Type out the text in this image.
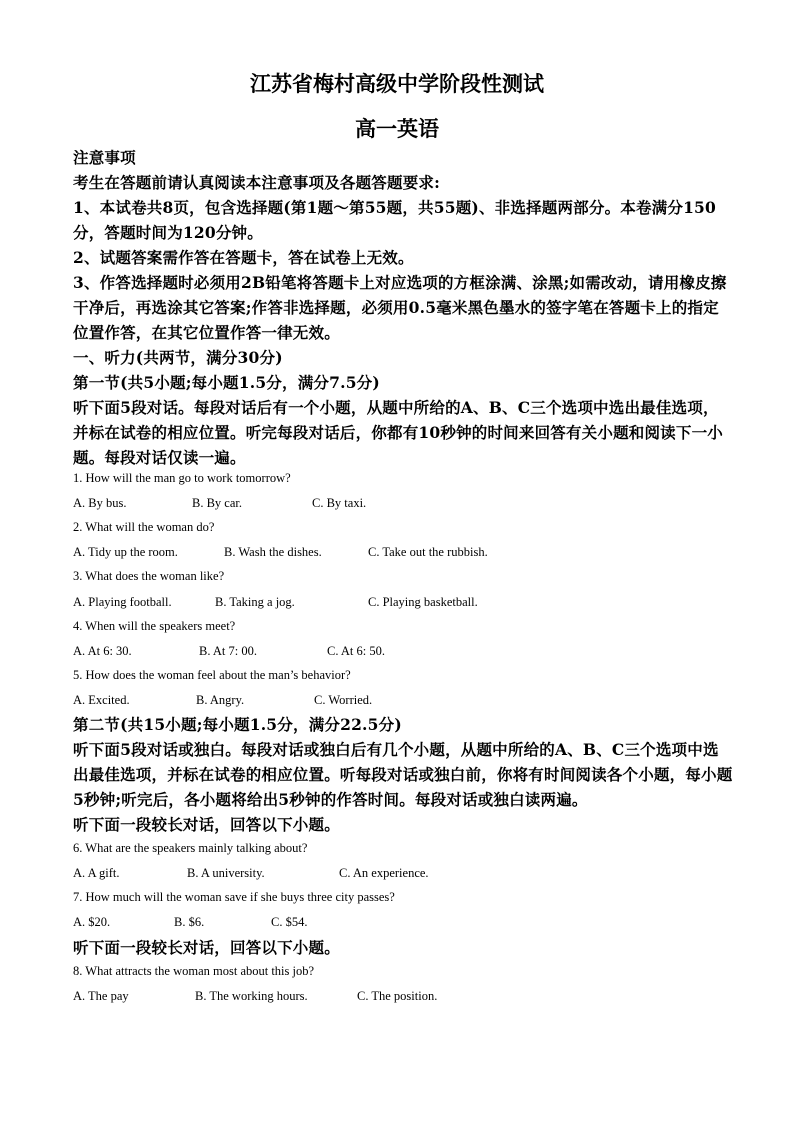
江苏省梅村高级中学阶段性测试
高一英语

注意事项

考生在答题前请认真阅读本注意事项及各题答题要求:

1、本试卷共8页，包含选择题(第1题～第55题，共55题)、非选择题两部分。本卷满分150分，答题时间为120分钟。

2、试题答案需作答在答题卡，答在试卷上无效。

3、作答选择题时必须用2B铅笔将答题卡上对应选项的方框涂满、涂黑;如需改动，请用橡皮擦干净后，再选涂其它答案;作答非选择题，必须用0.5毫米黑色墨水的签字笔在答题卡上的指定位置作答，在其它位置作答一律无效。

一、听力(共两节，满分30分)

第一节(共5小题;每小题1.5分，满分7.5分)

听下面5段对话。每段对话后有一个小题，从题中所给的A、B、C三个选项中选出最佳选项，并标在试卷的相应位置。听完每段对话后，你都有10秒钟的时间来回答有关小题和阅读下一小题。每段对话仅读一遍。

1. How will the man go to work tomorrow?
A. By bus.	B. By car.	C. By taxi.
2. What will the woman do?
A. Tidy up the room.	B. Wash the dishes.	C. Take out the rubbish.
3. What does the woman like?
A. Playing football.	B. Taking a jog.	C. Playing basketball.
4. When will the speakers meet?
A. At 6: 30.	B. At 7: 00.	C. At 6: 50.
5. How does the woman feel about the man’s behavior?
A. Excited.	B. Angry.	C. Worried.

第二节(共15小题;每小题1.5分，满分22.5分)

听下面5段对话或独白。每段对话或独白后有几个小题，从题中所给的A、B、C三个选项中选出最佳选项，并标在试卷的相应位置。听每段对话或独白前，你将有时间阅读各个小题，每小题5秒钟;听完后，各小题将给出5秒钟的作答时间。每段对话或独白读两遍。

听下面一段较长对话，回答以下小题。

6. What are the speakers mainly talking about?
A. A gift.	B. A university.	C. An experience.
7. How much will the woman save if she buys three city passes?
A. $20.	B. $6.	C. $54.

听下面一段较长对话，回答以下小题。

8. What attracts the woman most about this job?
A. The pay	B. The working hours.	C. The position.
